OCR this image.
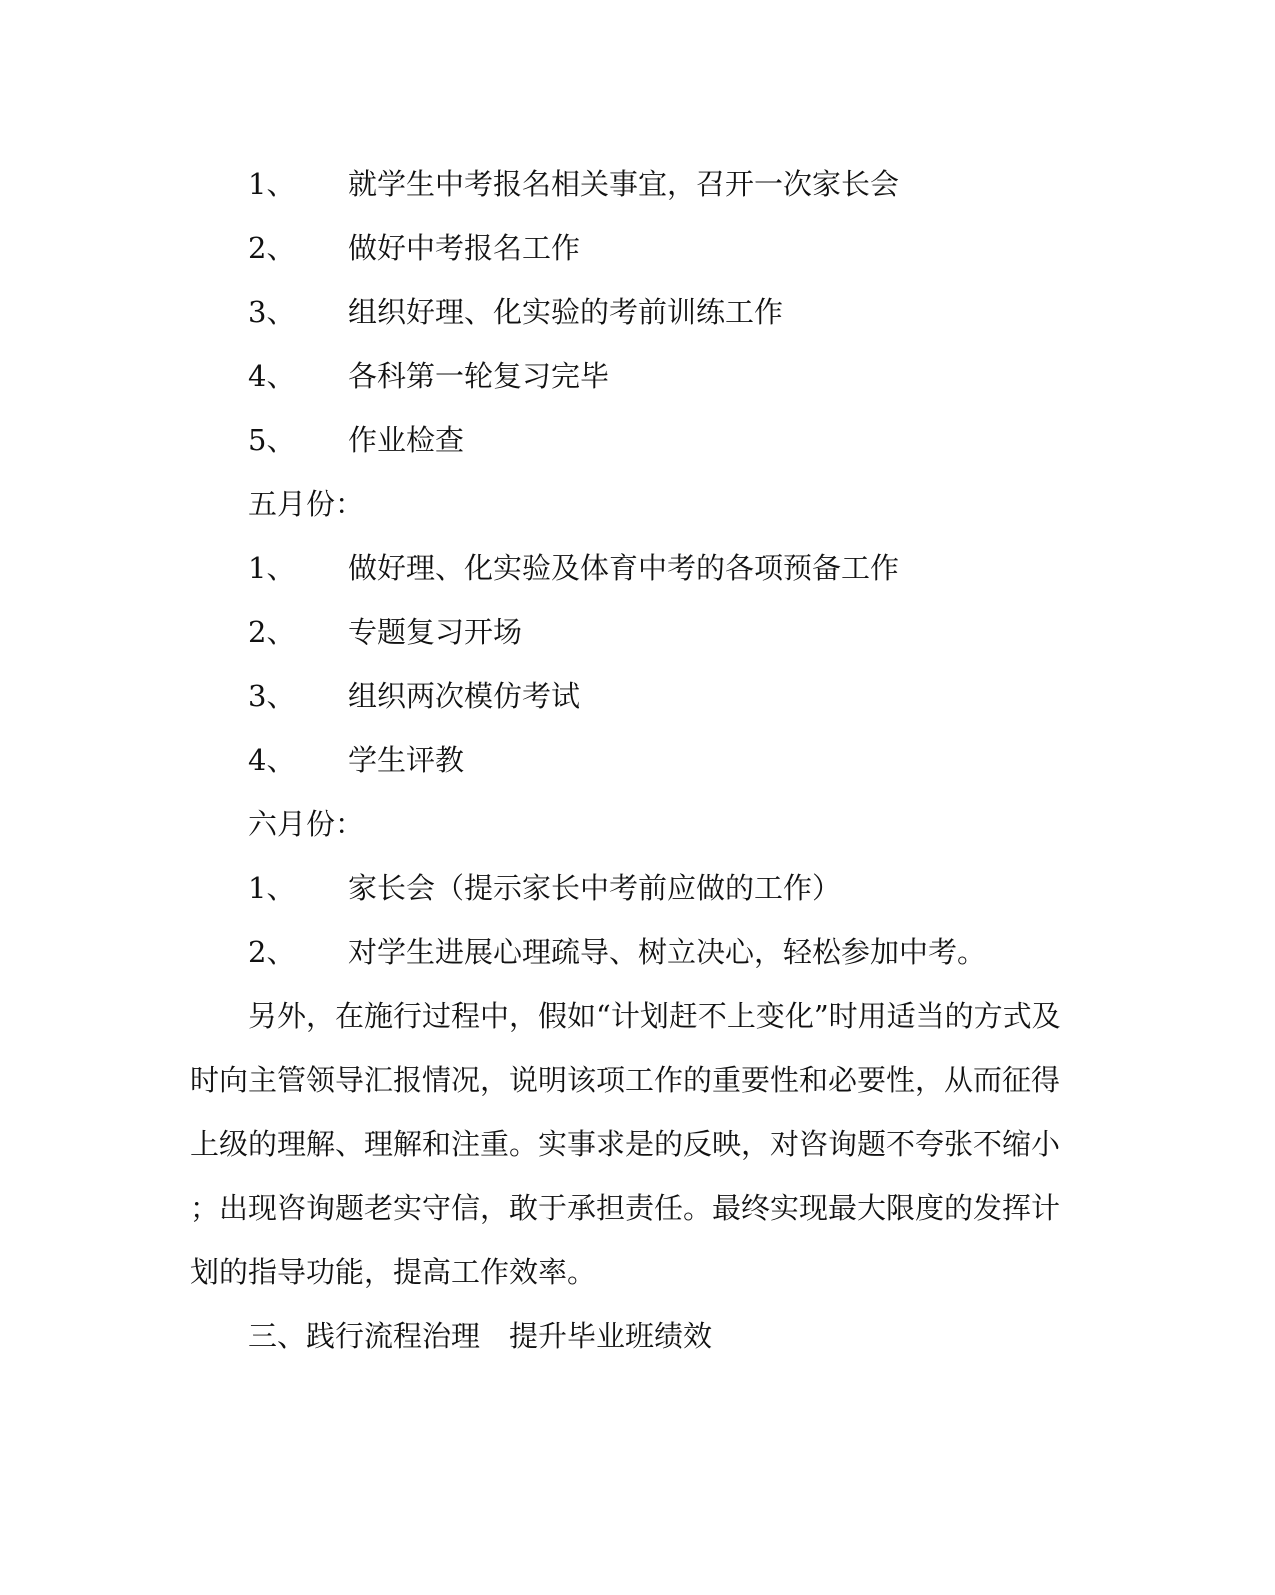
1、 就学生中考报名相关事宜，召开一次家长会
2、 做好中考报名工作
3、 组织好理、化实验的考前训练工作
4、 各科第一轮复习完毕
5、 作业检查
五月份：
1、 做好理、化实验及体育中考的各项预备工作
2、 专题复习开场
3、 组织两次模仿考试
4、 学生评教
六月份：
1、 家长会（提示家长中考前应做的工作）
2、 对学生进展心理疏导、树立决心，轻松参加中考。
另外，在施行过程中，假如“计划赶不上变化”时用适当的方式及
时向主管领导汇报情况，说明该项工作的重要性和必要性，从而征得
上级的理解、理解和注重。实事求是的反映，对咨询题不夸张不缩小
；出现咨询题老实守信，敢于承担责任。最终实现最大限度的发挥计
划的指导功能，提高工作效率。
三、践行流程治理　提升毕业班绩效
